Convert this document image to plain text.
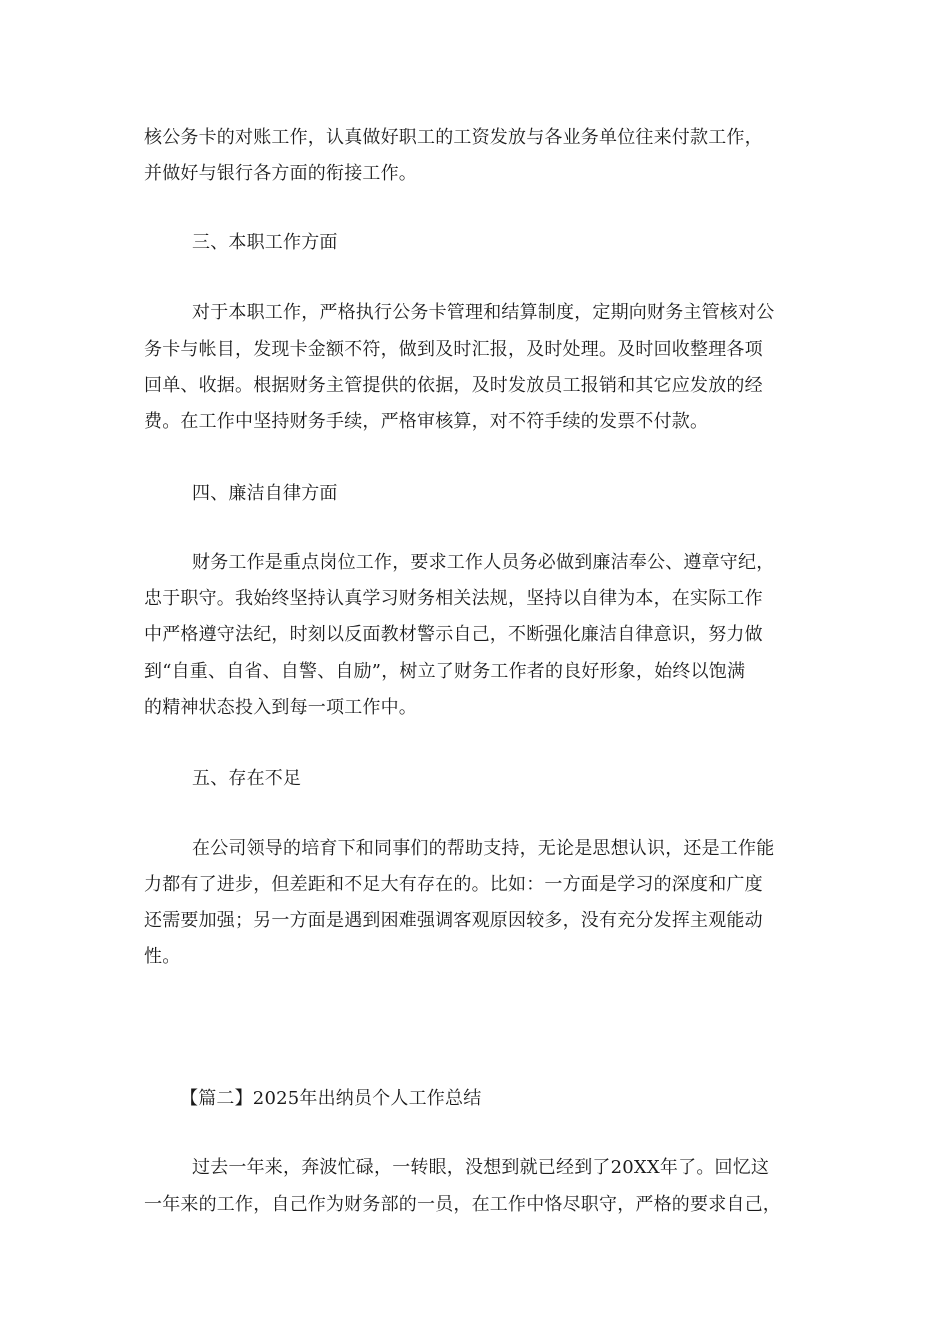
核公务卡的对账工作，认真做好职工的工资发放与各业务单位往来付款工作，
并做好与银行各方面的衔接工作。
三、本职工作方面
对于本职工作，严格执行公务卡管理和结算制度，定期向财务主管核对公
务卡与帐目，发现卡金额不符，做到及时汇报，及时处理。及时回收整理各项
回单、收据。根据财务主管提供的依据，及时发放员工报销和其它应发放的经
费。在工作中坚持财务手续，严格审核算，对不符手续的发票不付款。
四、廉洁自律方面
财务工作是重点岗位工作，要求工作人员务必做到廉洁奉公、遵章守纪，
忠于职守。我始终坚持认真学习财务相关法规，坚持以自律为本，在实际工作
中严格遵守法纪，时刻以反面教材警示自己，不断强化廉洁自律意识，努力做
到“自重、自省、自警、自励”，树立了财务工作者的良好形象，始终以饱满
的精神状态投入到每一项工作中。
五、存在不足
在公司领导的培育下和同事们的帮助支持，无论是思想认识，还是工作能
力都有了进步，但差距和不足大有存在的。比如：一方面是学习的深度和广度
还需要加强；另一方面是遇到困难强调客观原因较多，没有充分发挥主观能动
性。
【篇二】2025年出纳员个人工作总结
过去一年来，奔波忙碌，一转眼，没想到就已经到了20XX年了。回忆这
一年来的工作，自己作为财务部的一员，在工作中恪尽职守，严格的要求自己，
